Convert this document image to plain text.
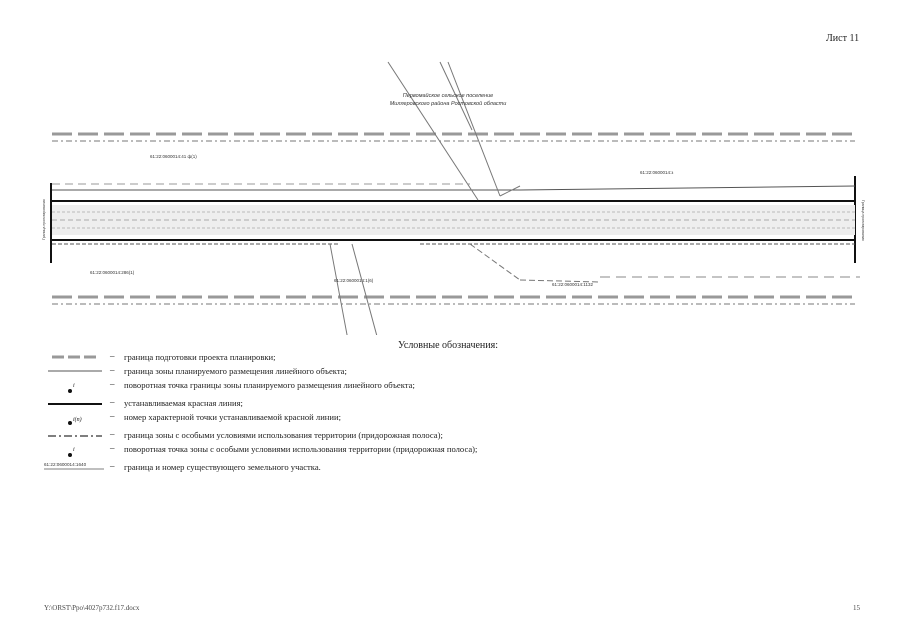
Лист 11
Первомайское сельское поселение
Миллеровского района Ростовской области
61:22:0600014:41 ф(1)
61:22:0600014:з
61:22:0600014:286(1)
61:22:0600014:1(6)
61:22:0600014:1132
Граница проектирования	Граница проектирования
Условные обозначения:
– граница подготовки проекта планировки;
– граница зоны планируемого размещения линейного объекта;
i	– поворотная точка границы зоны планируемого размещения линейного объекта;
– устанавливаемая красная линия;
i(n)	– номер характерной точки устанавливаемой красной линии;
– граница зоны с особыми условиями использования территории (придорожная полоса);
i	– поворотная точка зоны с особыми условиями использования территории (придорожная полоса);
61:22:0600014:1640	– граница и номер существующего земельного участка.
Y:\ORST\Ppo\4027p732.f17.docx	15
